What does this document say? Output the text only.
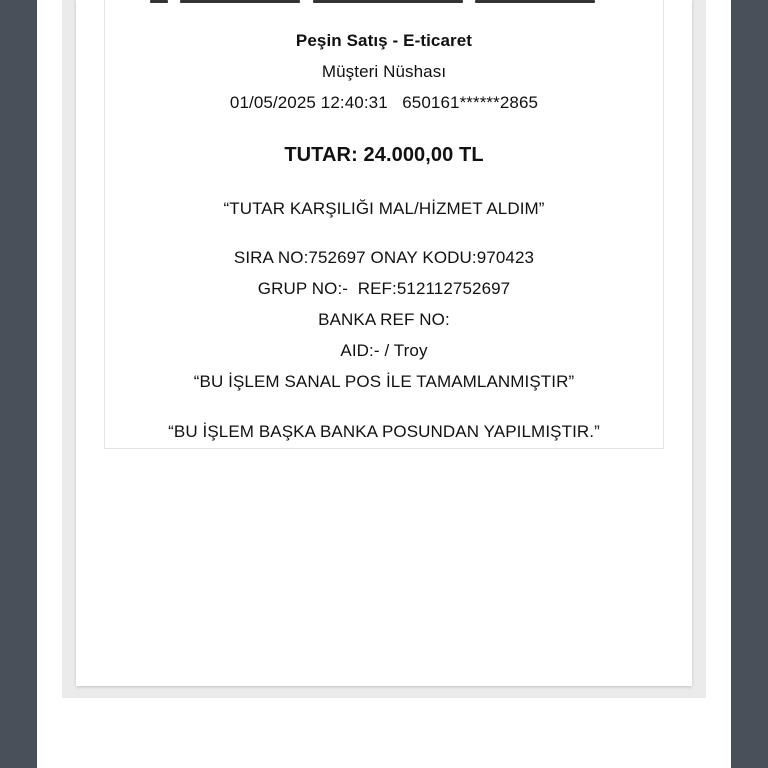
Peşin Satış - E-ticaret
Müşteri Nüshası
01/05/2025 12:40:31   650161******2865
TUTAR: 24.000,00 TL
“TUTAR KARŞILIĞI MAL/HİZMET ALDIM”
SIRA NO:752697 ONAY KODU:970423
GRUP NO:-  REF:512112752697
BANKA REF NO:
AID:- / Troy
“BU İŞLEM SANAL POS İLE TAMAMLANMIŞTIR”
“BU İŞLEM BAŞKA BANKA POSUNDAN YAPILMIŞTIR.”
